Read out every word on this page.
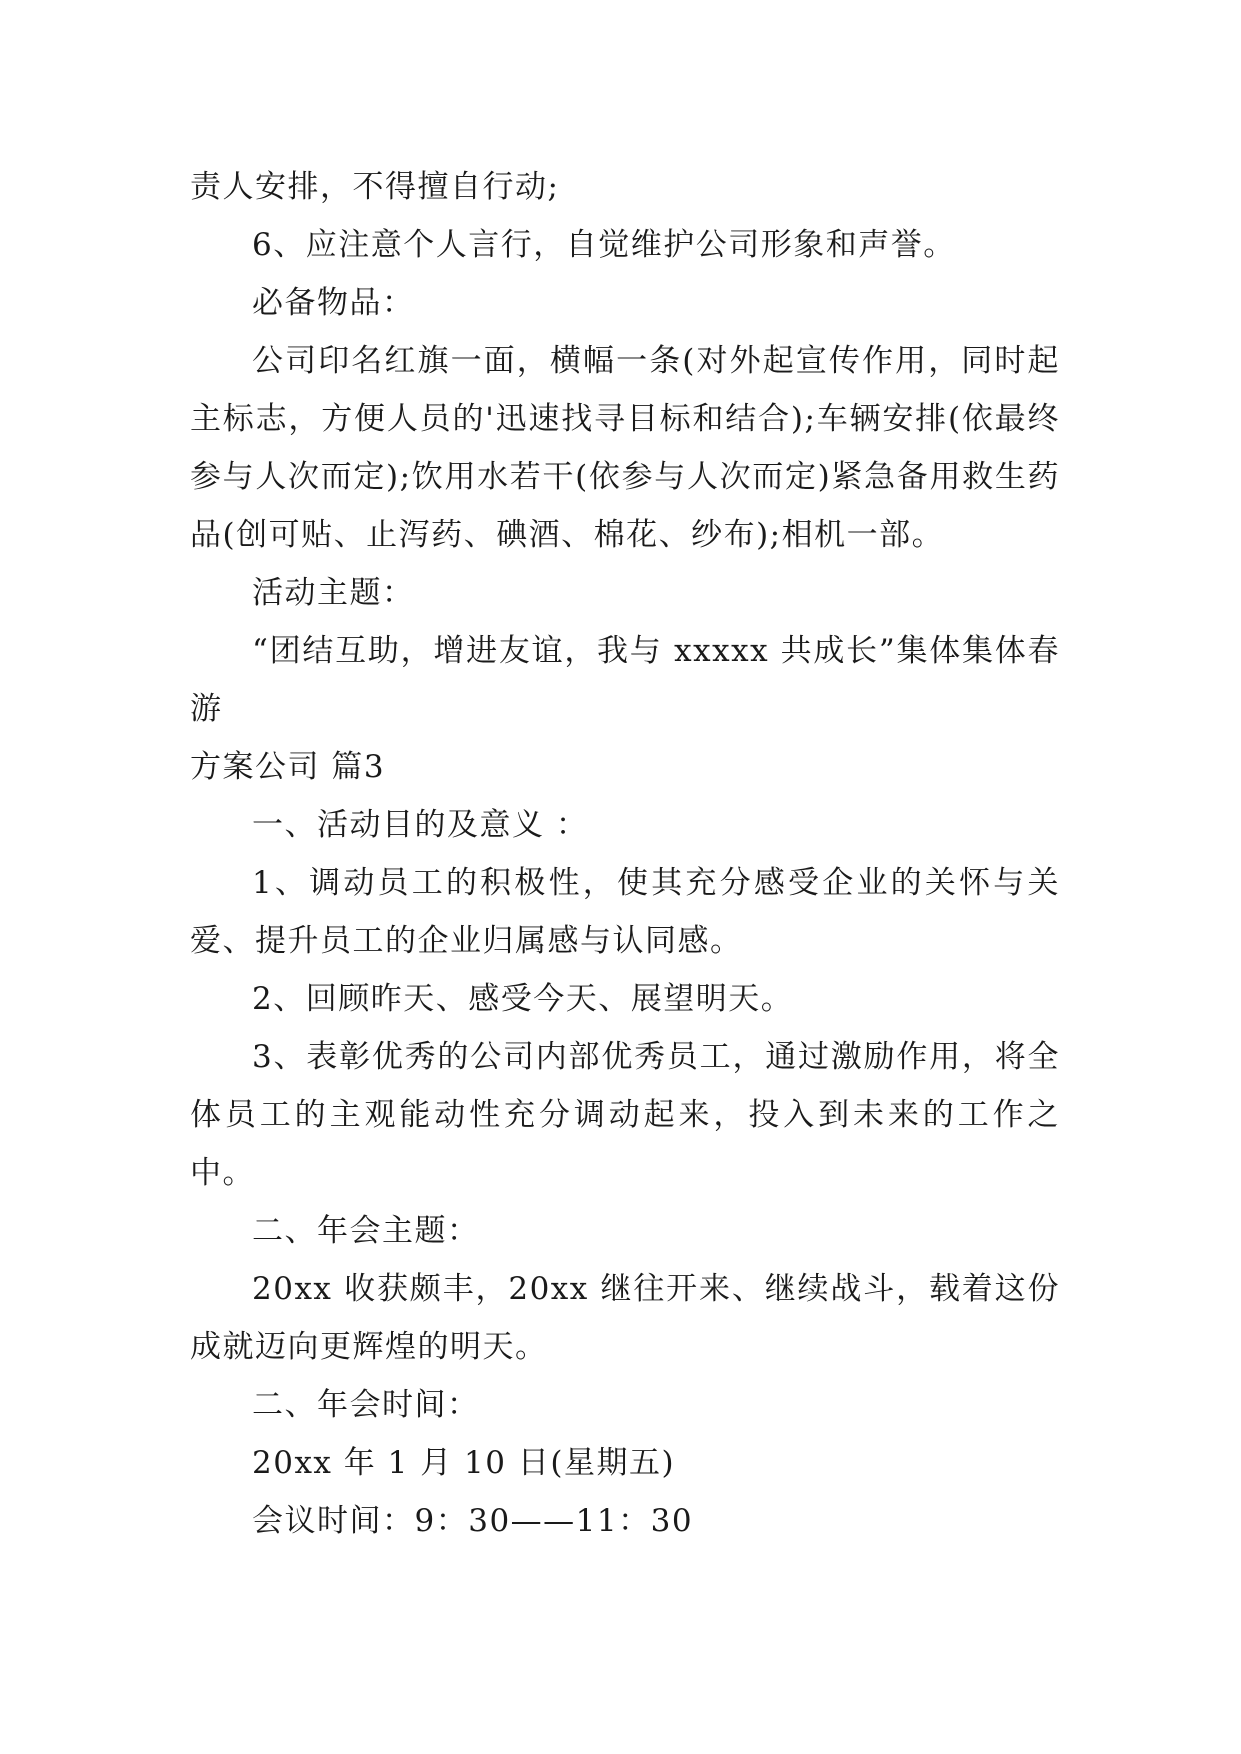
责人安排，不得擅自行动;

6、应注意个人言行，自觉维护公司形象和声誉。

必备物品：

公司印名红旗一面，横幅一条(对外起宣传作用，同时起主标志，方便人员的'迅速找寻目标和结合);车辆安排(依最终参与人次而定);饮用水若干(依参与人次而定)紧急备用救生药品(创可贴、止泻药、碘酒、棉花、纱布);相机一部。

活动主题：

“团结互助，增进友谊，我与 xxxxx 共成长”集体集体春游

方案公司 篇3

一、活动目的及意义 ：

1、调动员工的积极性，使其充分感受企业的关怀与关爱、提升员工的企业归属感与认同感。

2、回顾昨天、感受今天、展望明天。

3、表彰优秀的公司内部优秀员工，通过激励作用，将全体员工的主观能动性充分调动起来，投入到未来的工作之中。

二、年会主题：

20xx 收获颇丰，20xx 继往开来、继续战斗，载着这份成就迈向更辉煌的明天。

二、年会时间：

20xx 年 1 月 10 日(星期五)

会议时间：9：30——11：30
